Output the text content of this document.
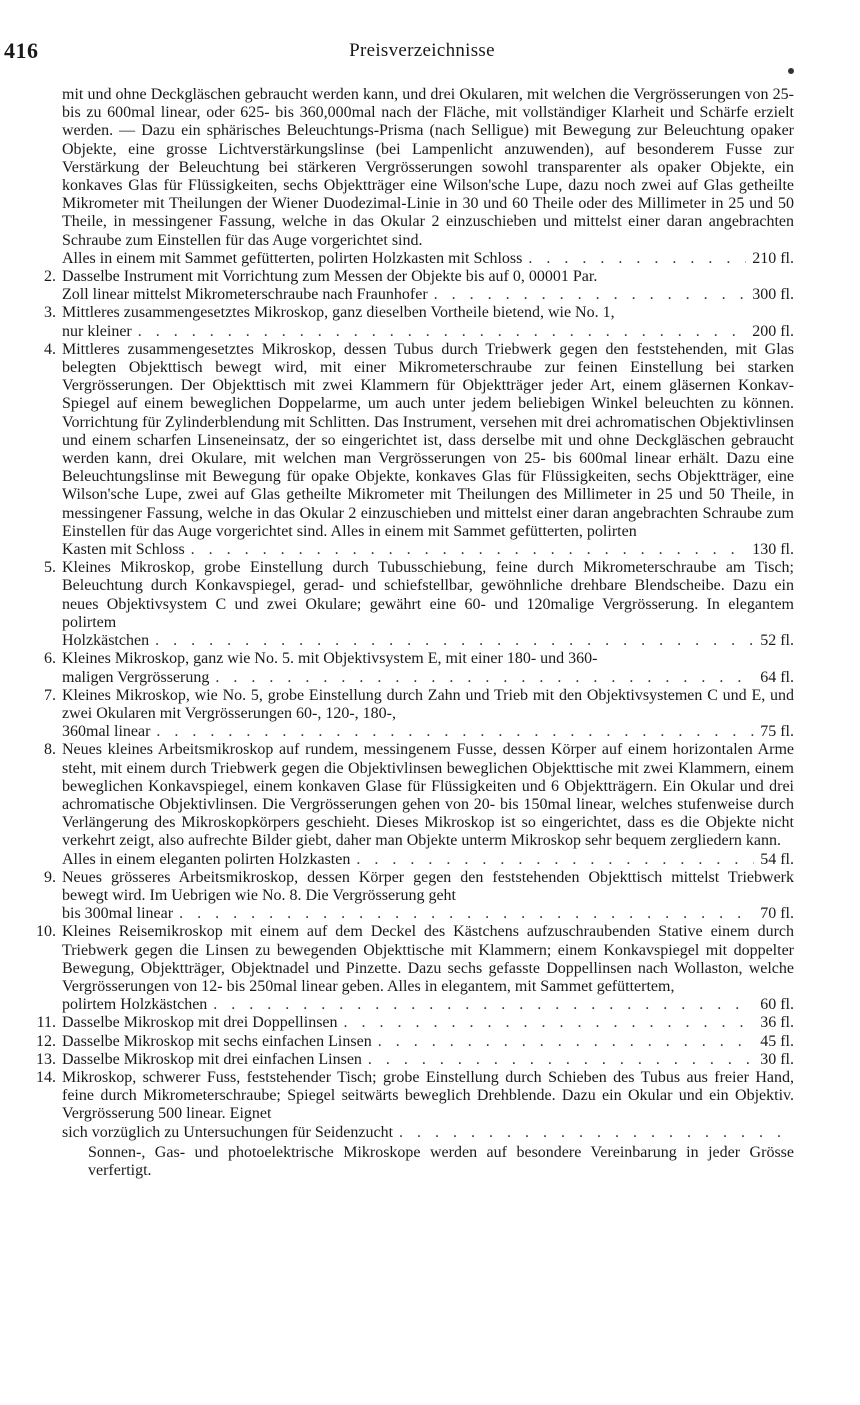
416	Preisverzeichnisse
mit und ohne Deckgläschen gebraucht werden kann, und drei Okularen, mit welchen die Vergrösserungen von 25- bis zu 600mal linear, oder 625- bis 360,000mal nach der Fläche, mit vollständiger Klarheit und Schärfe erzielt werden. — Dazu ein sphärisches Beleuchtungs-Prisma (nach Selligue) mit Bewegung zur Beleuchtung opaker Objekte, eine grosse Lichtverstärkungslinse (bei Lampenlicht anzuwenden), auf besonderem Fusse zur Verstärkung der Beleuchtung bei stärkeren Vergrösserungen sowohl transparenter als opaker Objekte, ein konkaves Glas für Flüssigkeiten, sechs Objektträger eine Wilson'sche Lupe, dazu noch zwei auf Glas getheilte Mikrometer mit Theilungen der Wiener Duodezimal-Linie in 30 und 60 Theile oder des Millimeter in 25 und 50 Theile, in messingener Fassung, welche in das Okular 2 einzuschieben und mittelst einer daran angebrachten Schraube zum Einstellen für das Auge vorgerichtet sind.
Alles in einem mit Sammet gefütterten, polirten Holzkasten mit Schloss . . .	210 fl.
2. Dasselbe Instrument mit Vorrichtung zum Messen der Objekte bis auf 0, 00001 Par.
Zoll linear mittelst Mikrometerschraube nach Fraunhofer . . .	300 fl.
3. Mittleres zusammengesetztes Mikroskop, ganz dieselben Vortheile bietend, wie No. 1,
nur kleiner . . .	200 fl.
4. Mittleres zusammengesetztes Mikroskop, dessen Tubus durch Triebwerk gegen den feststehenden, mit Glas belegten Objekttisch bewegt wird, mit einer Mikrometerschraube zur feinen Einstellung bei starken Vergrösserungen. Der Objekttisch mit zwei Klammern für Objektträger jeder Art, einem gläsernen Konkav-Spiegel auf einem beweglichen Doppelarme, um auch unter jedem beliebigen Winkel beleuchten zu können. Vorrichtung für Zylinderblendung mit Schlitten. Das Instrument, versehen mit drei achromatischen Objektivlinsen und einem scharfen Linseneinsatz, der so eingerichtet ist, dass derselbe mit und ohne Deckgläschen gebraucht werden kann, drei Okulare, mit welchen man Vergrösserungen von 25- bis 600mal linear erhält. Dazu eine Beleuchtungslinse mit Bewegung für opake Objekte, konkaves Glas für Flüssigkeiten, sechs Objektträger, eine Wilson'sche Lupe, zwei auf Glas getheilte Mikrometer mit Theilungen des Millimeter in 25 und 50 Theile, in messingener Fassung, welche in das Okular 2 einzuschieben und mittelst einer daran angebrachten Schraube zum Einstellen für das Auge vorgerichtet sind. Alles in einem mit Sammet gefütterten, polirten
Kasten mit Schloss . . .	130 fl.
5. Kleines Mikroskop, grobe Einstellung durch Tubusschiebung, feine durch Mikrometerschraube am Tisch; Beleuchtung durch Konkavspiegel, gerad- und schiefstellbar, gewöhnliche drehbare Blendscheibe. Dazu ein neues Objektivsystem C und zwei Okulare; gewährt eine 60- und 120malige Vergrösserung. In elegantem polirtem
Holzkästchen . . .	52 fl.
6. Kleines Mikroskop, ganz wie No. 5. mit Objektivsystem E, mit einer 180- und 360-
maligen Vergrösserung . . .	64 fl.
7. Kleines Mikroskop, wie No. 5, grobe Einstellung durch Zahn und Trieb mit den Objektivsystemen C und E, und zwei Okularen mit Vergrösserungen 60-, 120-, 180-,
360mal linear . . .	75 fl.
8. Neues kleines Arbeitsmikroskop auf rundem, messingenem Fusse, dessen Körper auf einem horizontalen Arme steht, mit einem durch Triebwerk gegen die Objektivlinsen beweglichen Objekttische mit zwei Klammern, einem beweglichen Konkavspiegel, einem konkaven Glase für Flüssigkeiten und 6 Objektträgern. Ein Okular und drei achromatische Objektivlinsen. Die Vergrösserungen gehen von 20- bis 150mal linear, welches stufenweise durch Verlängerung des Mikroskopkörpers geschieht. Dieses Mikroskop ist so eingerichtet, dass es die Objekte nicht verkehrt zeigt, also aufrechte Bilder giebt, daher man Objekte unterm Mikroskop sehr bequem zergliedern kann.
Alles in einem eleganten polirten Holzkasten . . .	54 fl.
9. Neues grösseres Arbeitsmikroskop, dessen Körper gegen den feststehenden Objekttisch mittelst Triebwerk bewegt wird. Im Uebrigen wie No. 8. Die Vergrösserung geht
bis 300mal linear . . .	70 fl.
10. Kleines Reisemikroskop mit einem auf dem Deckel des Kästchens aufzuschraubenden Stative einem durch Triebwerk gegen die Linsen zu bewegenden Objekttische mit Klammern; einem Konkavspiegel mit doppelter Bewegung, Objektträger, Objektnadel und Pinzette. Dazu sechs gefasste Doppellinsen nach Wollaston, welche Vergrösserungen von 12- bis 250mal linear geben. Alles in elegantem, mit Sammet gefüttertem,
polirtem Holzkästchen . . .	60 fl.
11. Dasselbe Mikroskop mit drei Doppellinsen . . .	36 fl.
12. Dasselbe Mikroskop mit sechs einfachen Linsen . . .	45 fl.
13. Dasselbe Mikroskop mit drei einfachen Linsen . . .	30 fl.
14. Mikroskop, schwerer Fuss, feststehender Tisch; grobe Einstellung durch Schieben des Tubus aus freier Hand, feine durch Mikrometerschraube; Spiegel seitwärts beweglich Drehblende. Dazu ein Okular und ein Objektiv. Vergrösserung 500 linear. Eignet
sich vorzüglich zu Untersuchungen für Seidenzucht
. . .
Sonnen-, Gas- und photoelektrische Mikroskope werden auf besondere Vereinbarung in jeder Grösse verfertigt.
